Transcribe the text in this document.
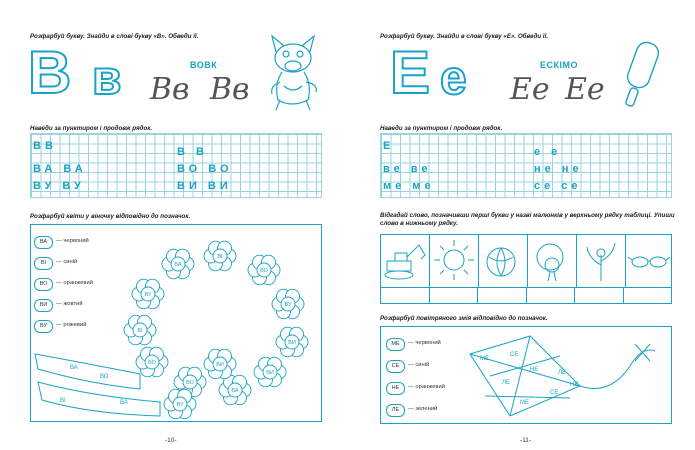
Розфарбуй букву. Знайди в слові букву «В». Обведи її.
В в	ВОВК
Вв Вв
Наведи за пунктиром і продовж рядок.
ВВ	В В
ВА ВА	ВО ВО
ВУ ВУ	ВИ ВИ
Розфарбуй квіти у віночку відповідно до позначок.
ВА	— червоний
ВІ	— синій
ВО	— оранжевий
ВИ	— жовтий
ВУ	— рожевий
ВА
ВІ
ВО
ВУ
ВИ
ВИ
ВА
ВО
ВУ
ВІ
ВО	ВИ
ВУ
ВА
ВО
ВІ	ВА
-10-
Розфарбуй букву. Знайди в слові букву «Е». Обведи її.
Е е	ЕСКІМО
Ее Ее
Наведи за пунктиром і продовж рядок.
Е	е е
ве ве	не не
ме ме	се се
Відгадай слово, позначивши перші букви у назві малюнків у верхньому рядку таблиці. Упиши слово в нижньому рядку.
Розфарбуй повітряного змія відповідно до позначок.
МЕ	— червоний
СЕ	— синій
НЕ	— оранжевий
ЛЕ	— зелений
МЕ
СЕ
НЕ	ЛЕ
ЛЕ
МЕ
СЕ
НЕ
-11-
